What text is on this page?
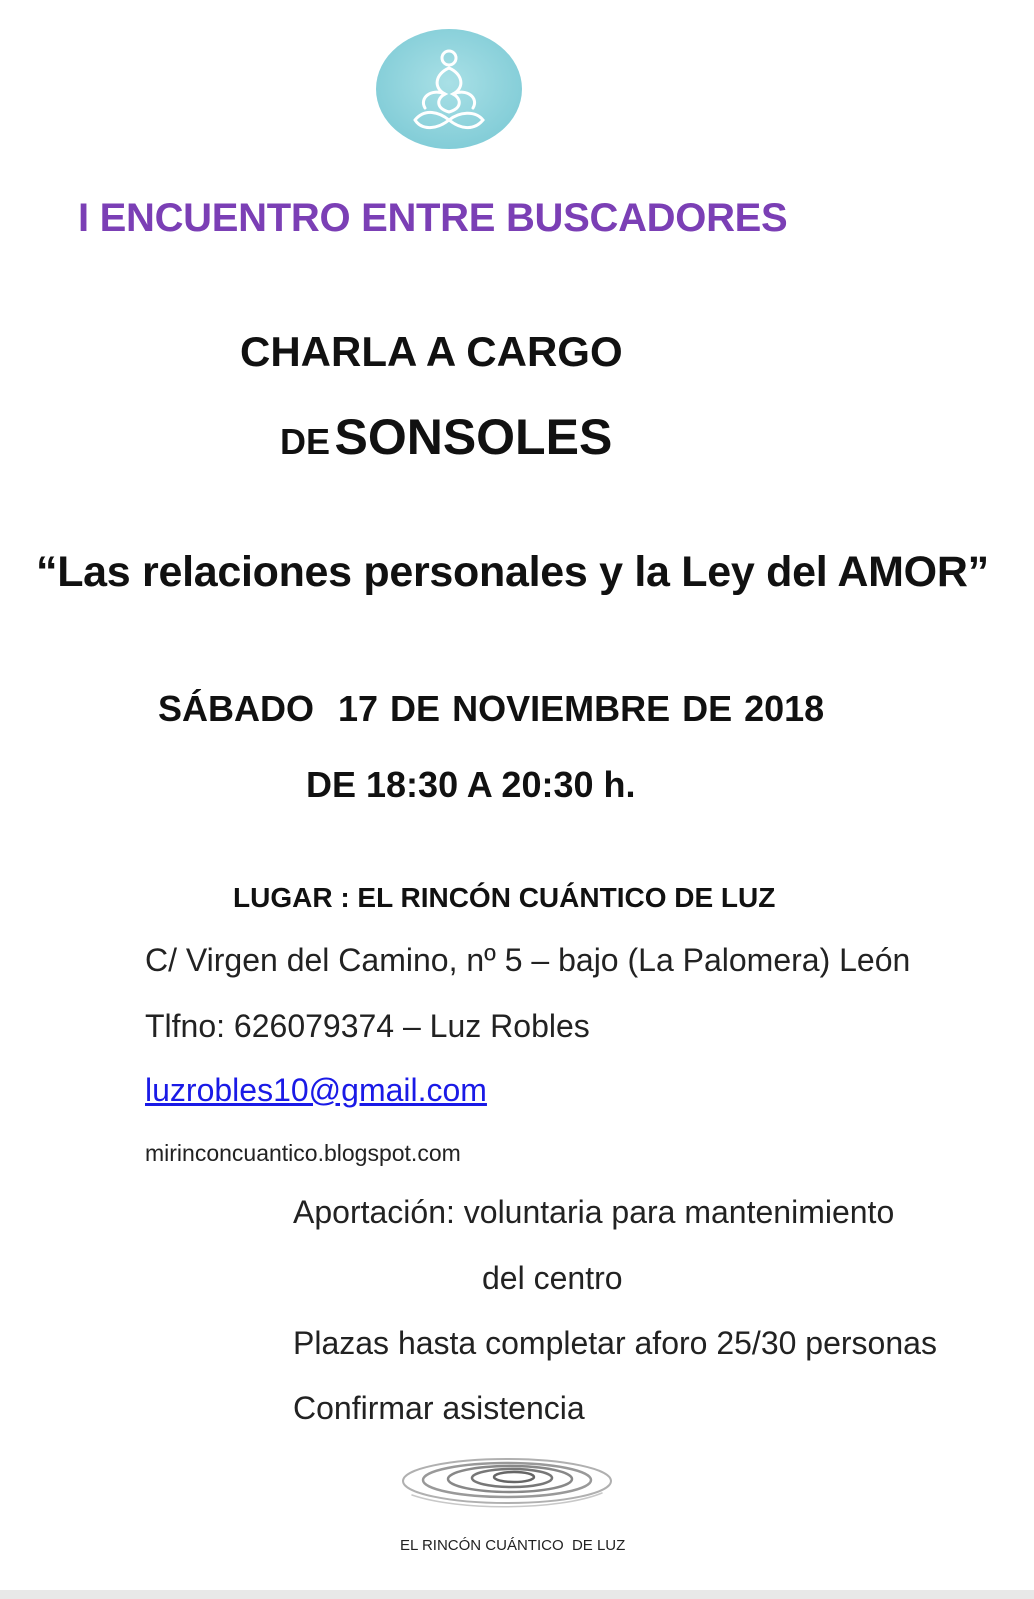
I ENCUENTRO ENTRE BUSCADORES
CHARLA A CARGO
DE SONSOLES
“Las relaciones personales y la Ley del AMOR”
SÁBADO  17 DE NOVIEMBRE DE 2018
DE 18:30 A 20:30 h.
LUGAR : EL RINCÓN CUÁNTICO DE LUZ
C/ Virgen del Camino, nº 5 – bajo (La Palomera) León
Tlfno: 626079374 – Luz Robles
luzrobles10@gmail.com
mirinconcuantico.blogspot.com
Aportación: voluntaria para mantenimiento
del centro
Plazas hasta completar aforo 25/30 personas
Confirmar asistencia
EL RINCÓN CUÁNTICO  DE LUZ
